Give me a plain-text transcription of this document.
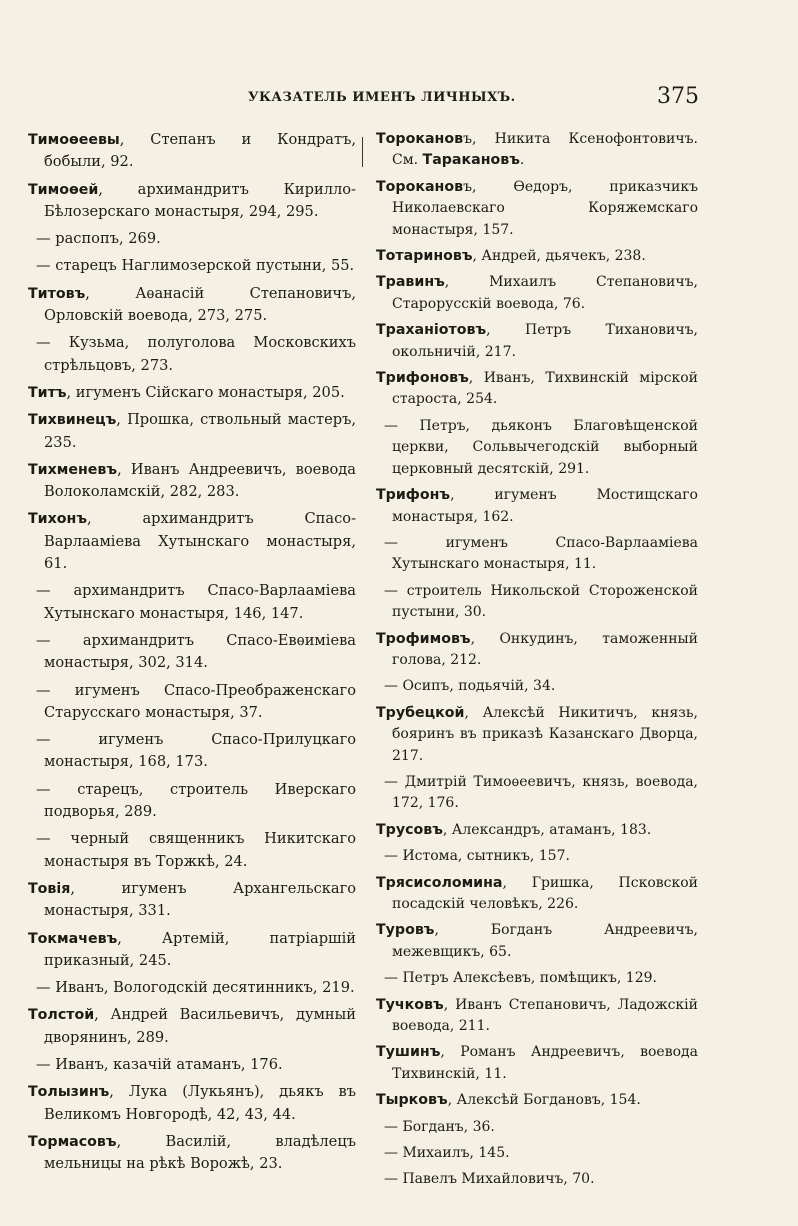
УКАЗАТЕЛЬ ИМЕНЪ ЛИЧНЫХЪ.	375
Тимоѳеевы, Степанъ и Кондратъ, бобыли, 92.
Тимоѳей, архимандритъ Кирилло-Бѣлозерскаго монастыря, 294, 295.
— распопъ, 269.
— старецъ Наглимозерской пустыни, 55.
Титовъ, Аѳанасій Степановичъ, Орловскій воевода, 273, 275.
— Кузьма, полуголова Московскихъ стрѣльцовъ, 273.
Титъ, игуменъ Сійскаго монастыря, 205.
Тихвинецъ, Прошка, ствольный мастеръ, 235.
Тихменевъ, Иванъ Андреевичъ, воевода Волоколамскій, 282, 283.
Тихонъ, архимандритъ Спасо-Варлаамiева Хутынскаго монастыря, 61.
— архимандритъ Спасо-Варлаамiева Хутынскаго монастыря, 146, 147.
— архимандритъ Спасо-Евѳимiева монастыря, 302, 314.
— игуменъ Спасо-Преображенскаго Старусскаго монастыря, 37.
— игуменъ Спасо-Прилуцкаго монастыря, 168, 173.
— старецъ, строитель Иверскаго подворья, 289.
— черный священникъ Никитскаго монастыря въ Торжкѣ, 24.
Товія, игуменъ Архангельскаго монастыря, 331.
Токмачевъ, Артемій, патріаршій приказный, 245.
— Иванъ, Вологодскій десятинникъ, 219.
Толстой, Андрей Васильевичъ, думный дворянинъ, 289.
— Иванъ, казачій атаманъ, 176.
Толызинъ, Лука (Лукьянъ), дьякъ въ Великомъ Новгородѣ, 42, 43, 44.
Тормасовъ, Василій, владѣлецъ мельницы на рѣкѣ Ворожѣ, 23.
Торокановъ, Никита Ксенофонтовичъ. См. Таракановъ.
Торокановъ, Ѳедоръ, приказчикъ Николаевскаго Коряжемскаго монастыря, 157.
Тотариновъ, Андрей, дьячекъ, 238.
Травинъ, Михаилъ Степановичъ, Старорусскій воевода, 76.
Траханiотовъ, Петръ Тихановичъ, окольничій, 217.
Трифоновъ, Иванъ, Тихвинскій мірской староста, 254.
— Петръ, дьяконъ Благовѣщенской церкви, Сольвычегодскій выборный церковный десятскій, 291.
Трифонъ, игуменъ Мостищскаго монастыря, 162.
— игуменъ Спасо-Варлаамiева Хутынскаго монастыря, 11.
— строитель Никольской Стороженской пустыни, 30.
Трофимовъ, Онкудинъ, таможенный голова, 212.
— Осипъ, подьячій, 34.
Трубецкой, Алексѣй Никитичъ, князь, бояринъ въ приказѣ Казанскаго Дворца, 217.
— Дмитрій Тимоѳеевичъ, князь, воевода, 172, 176.
Трусовъ, Александръ, атаманъ, 183.
— Истома, сытникъ, 157.
Трясисоломина, Гришка, Псковской посадскій человѣкъ, 226.
Туровъ, Богданъ Андреевичъ, межевщикъ, 65.
— Петръ Алексѣевъ, помѣщикъ, 129.
Тучковъ, Иванъ Степановичъ, Ладожскій воевода, 211.
Тушинъ, Романъ Андреевичъ, воевода Тихвинскій, 11.
Тырковъ, Алексѣй Богдановъ, 154.
— Богданъ, 36.
— Михаилъ, 145.
— Павелъ Михайловичъ, 70.
